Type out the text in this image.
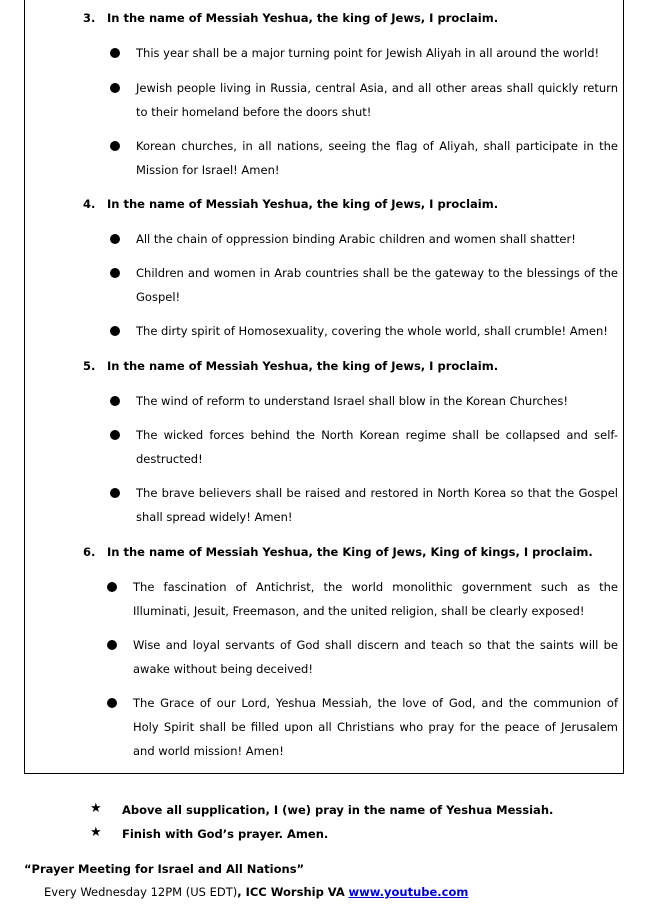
3. In the name of Messiah Yeshua, the king of Jews, I proclaim.
This year shall be a major turning point for Jewish Aliyah in all around the world!
Jewish people living in Russia, central Asia, and all other areas shall quickly return to their homeland before the doors shut!
Korean churches, in all nations, seeing the flag of Aliyah, shall participate in the Mission for Israel! Amen!
4. In the name of Messiah Yeshua, the king of Jews, I proclaim.
All the chain of oppression binding Arabic children and women shall shatter!
Children and women in Arab countries shall be the gateway to the blessings of the Gospel!
The dirty spirit of Homosexuality, covering the whole world, shall crumble! Amen!
5. In the name of Messiah Yeshua, the king of Jews, I proclaim.
The wind of reform to understand Israel shall blow in the Korean Churches!
The wicked forces behind the North Korean regime shall be collapsed and self-destructed!
The brave believers shall be raised and restored in North Korea so that the Gospel shall spread widely! Amen!
6. In the name of Messiah Yeshua, the King of Jews, King of kings, I proclaim.
The fascination of Antichrist, the world monolithic government such as the Illuminati, Jesuit, Freemason, and the united religion, shall be clearly exposed!
Wise and loyal servants of God shall discern and teach so that the saints will be awake without being deceived!
The Grace of our Lord, Yeshua Messiah, the love of God, and the communion of Holy Spirit shall be filled upon all Christians who pray for the peace of Jerusalem and world mission! Amen!
★ Above all supplication, I (we) pray in the name of Yeshua Messiah.
★ Finish with God’s prayer. Amen.
“Prayer Meeting for Israel and All Nations”
Every Wednesday 12PM (US EDT), ICC Worship VA www.youtube.com
